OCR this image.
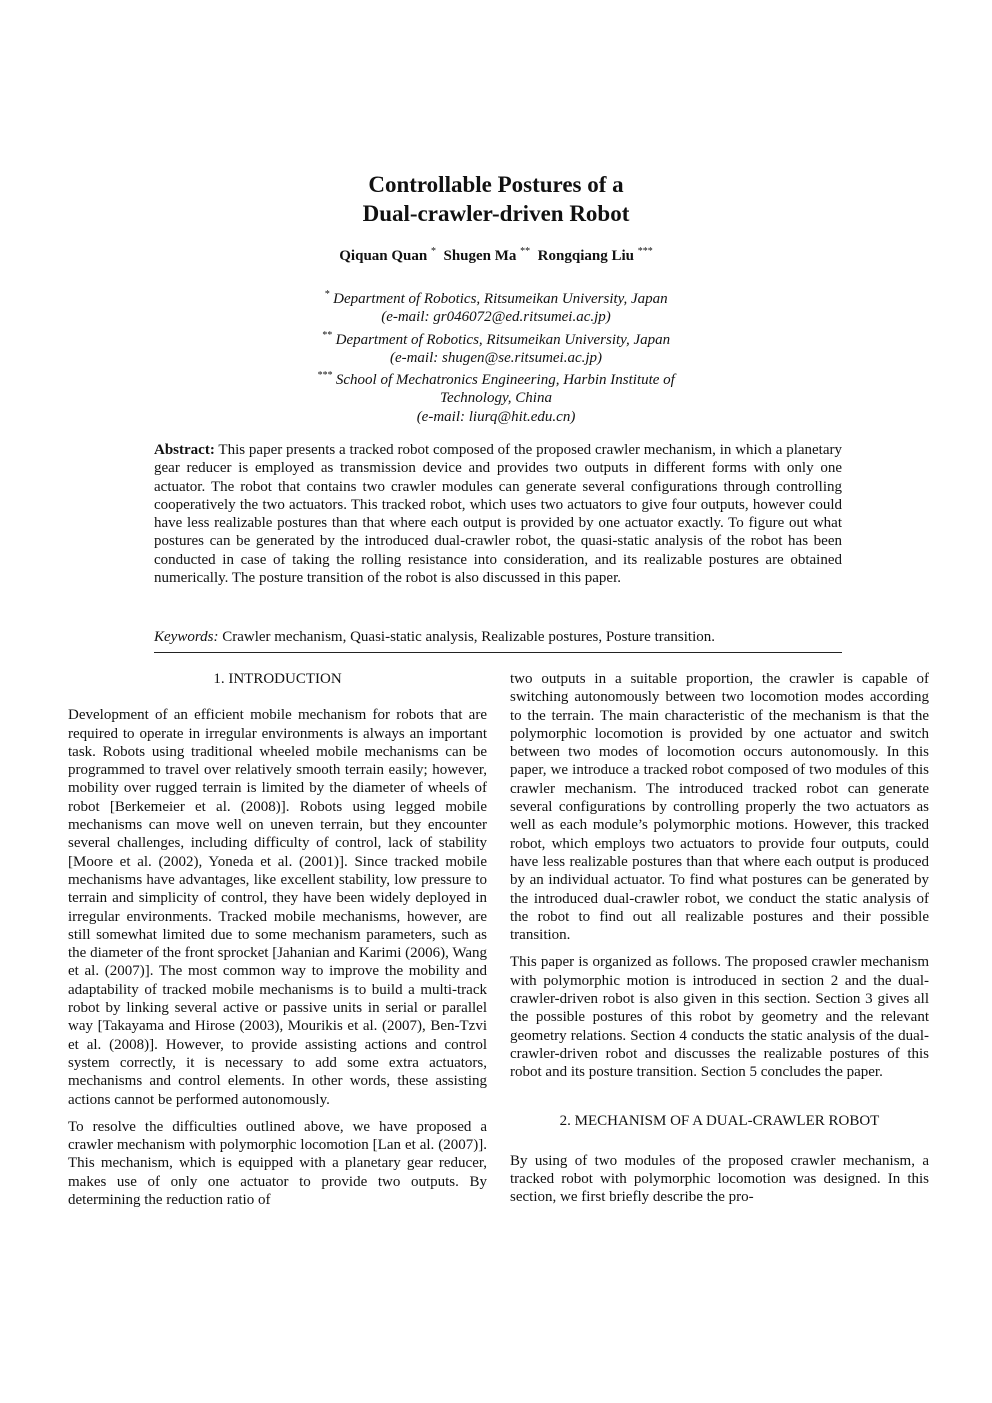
Controllable Postures of a
Dual-crawler-driven Robot
Qiquan Quan * Shugen Ma ** Rongqiang Liu ***
* Department of Robotics, Ritsumeikan University, Japan
(e-mail: gr046072@ed.ritsumei.ac.jp)
** Department of Robotics, Ritsumeikan University, Japan
(e-mail: shugen@se.ritsumei.ac.jp)
*** School of Mechatronics Engineering, Harbin Institute of
Technology, China
(e-mail: liurq@hit.edu.cn)
Abstract: This paper presents a tracked robot composed of the proposed crawler mechanism, in which a planetary gear reducer is employed as transmission device and provides two outputs in different forms with only one actuator. The robot that contains two crawler modules can generate several configurations through controlling cooperatively the two actuators. This tracked robot, which uses two actuators to give four outputs, however could have less realizable postures than that where each output is provided by one actuator exactly. To figure out what postures can be generated by the introduced dual-crawler robot, the quasi-static analysis of the robot has been conducted in case of taking the rolling resistance into consideration, and its realizable postures are obtained numerically. The posture transition of the robot is also discussed in this paper.
Keywords: Crawler mechanism, Quasi-static analysis, Realizable postures, Posture transition.
1. INTRODUCTION

Development of an efficient mobile mechanism for robots that are required to operate in irregular environments is always an important task. Robots using traditional wheeled mobile mechanisms can be programmed to travel over relatively smooth terrain easily; however, mobility over rugged terrain is limited by the diameter of wheels of robot [Berkemeier et al. (2008)]. Robots using legged mobile mechanisms can move well on uneven terrain, but they encounter several challenges, including difficulty of control, lack of stability [Moore et al. (2002), Yoneda et al. (2001)]. Since tracked mobile mechanisms have advantages, like excellent stability, low pressure to terrain and simplicity of control, they have been widely deployed in irregular environments. Tracked mobile mechanisms, however, are still somewhat limited due to some mechanism parameters, such as the diameter of the front sprocket [Jahanian and Karimi (2006), Wang et al. (2007)]. The most common way to improve the mobility and adaptability of tracked mobile mechanisms is to build a multi-track robot by linking several active or passive units in serial or parallel way [Takayama and Hirose (2003), Mourikis et al. (2007), Ben-Tzvi et al. (2008)]. However, to provide assisting actions and control system correctly, it is necessary to add some extra actuators, mechanisms and control elements. In other words, these assisting actions cannot be performed autonomously.

To resolve the difficulties outlined above, we have proposed a crawler mechanism with polymorphic locomotion [Lan et al. (2007)]. This mechanism, which is equipped with a planetary gear reducer, makes use of only one actuator to provide two outputs. By determining the reduction ratio of

two outputs in a suitable proportion, the crawler is capable of switching autonomously between two locomotion modes according to the terrain. The main characteristic of the mechanism is that the polymorphic locomotion is provided by one actuator and switch between two modes of locomotion occurs autonomously. In this paper, we introduce a tracked robot composed of two modules of this crawler mechanism. The introduced tracked robot can generate several configurations by controlling properly the two actuators as well as each module’s polymorphic motions. However, this tracked robot, which employs two actuators to provide four outputs, could have less realizable postures than that where each output is produced by an individual actuator. To find what postures can be generated by the introduced dual-crawler robot, we conduct the static analysis of the robot to find out all realizable postures and their possible transition.

This paper is organized as follows. The proposed crawler mechanism with polymorphic motion is introduced in section 2 and the dual-crawler-driven robot is also given in this section. Section 3 gives all the possible postures of this robot by geometry and the relevant geometry relations. Section 4 conducts the static analysis of the dual-crawler-driven robot and discusses the realizable postures of this robot and its posture transition. Section 5 concludes the paper.

2. MECHANISM OF A DUAL-CRAWLER ROBOT

By using of two modules of the proposed crawler mechanism, a tracked robot with polymorphic locomotion was designed. In this section, we first briefly describe the pro-
